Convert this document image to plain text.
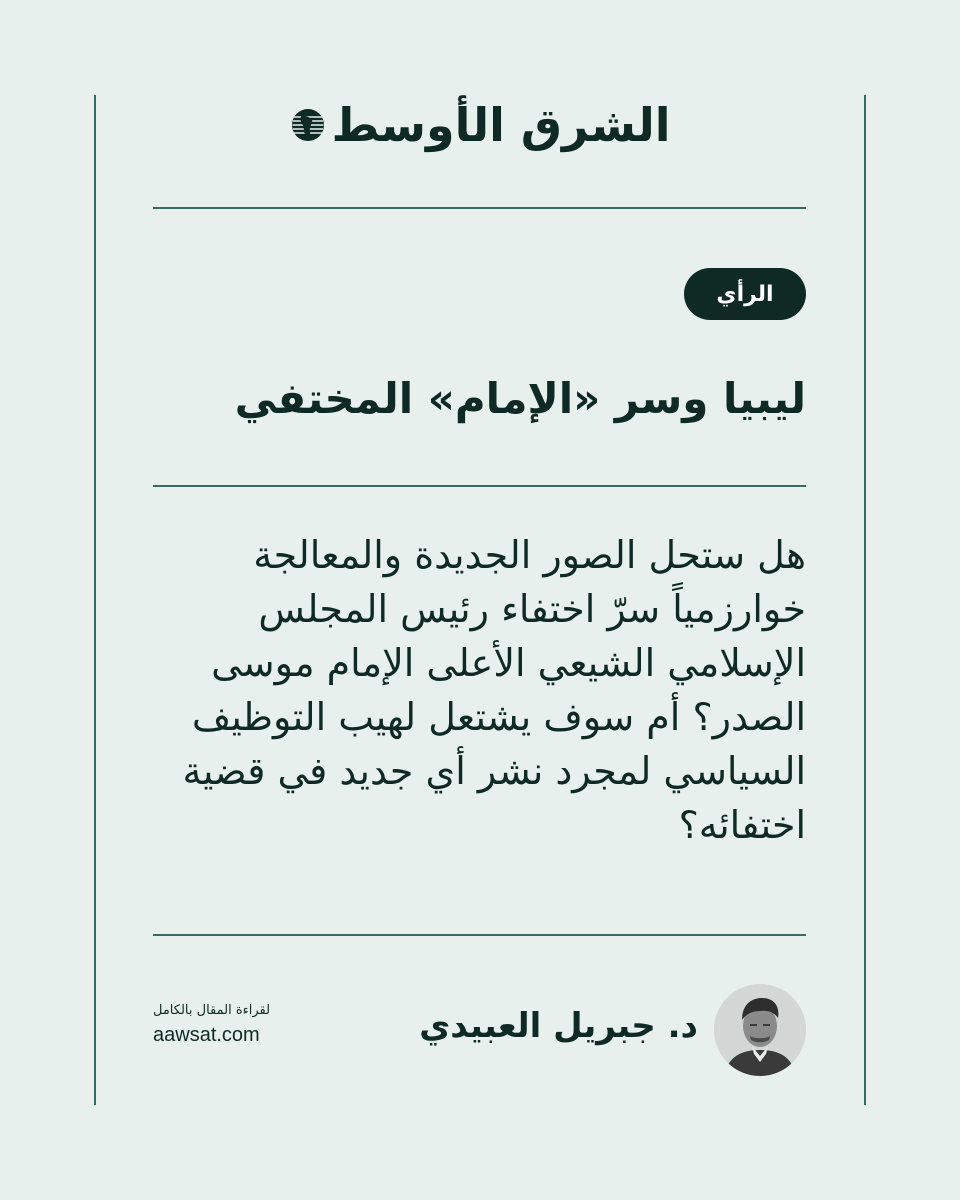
الشرق الأوسط
الرأي
ليبيا وسر «الإمام» المختفي
هل ستحل الصور الجديدة والمعالجة خوارزمياً سرّ اختفاء رئيس المجلس الإسلامي الشيعي الأعلى الإمام موسى الصدر؟ أم سوف يشتعل لهيب التوظيف السياسي لمجرد نشر أي جديد في قضية اختفائه؟
د. جبريل العبيدي
لقراءة المقال بالكامل
aawsat.com
